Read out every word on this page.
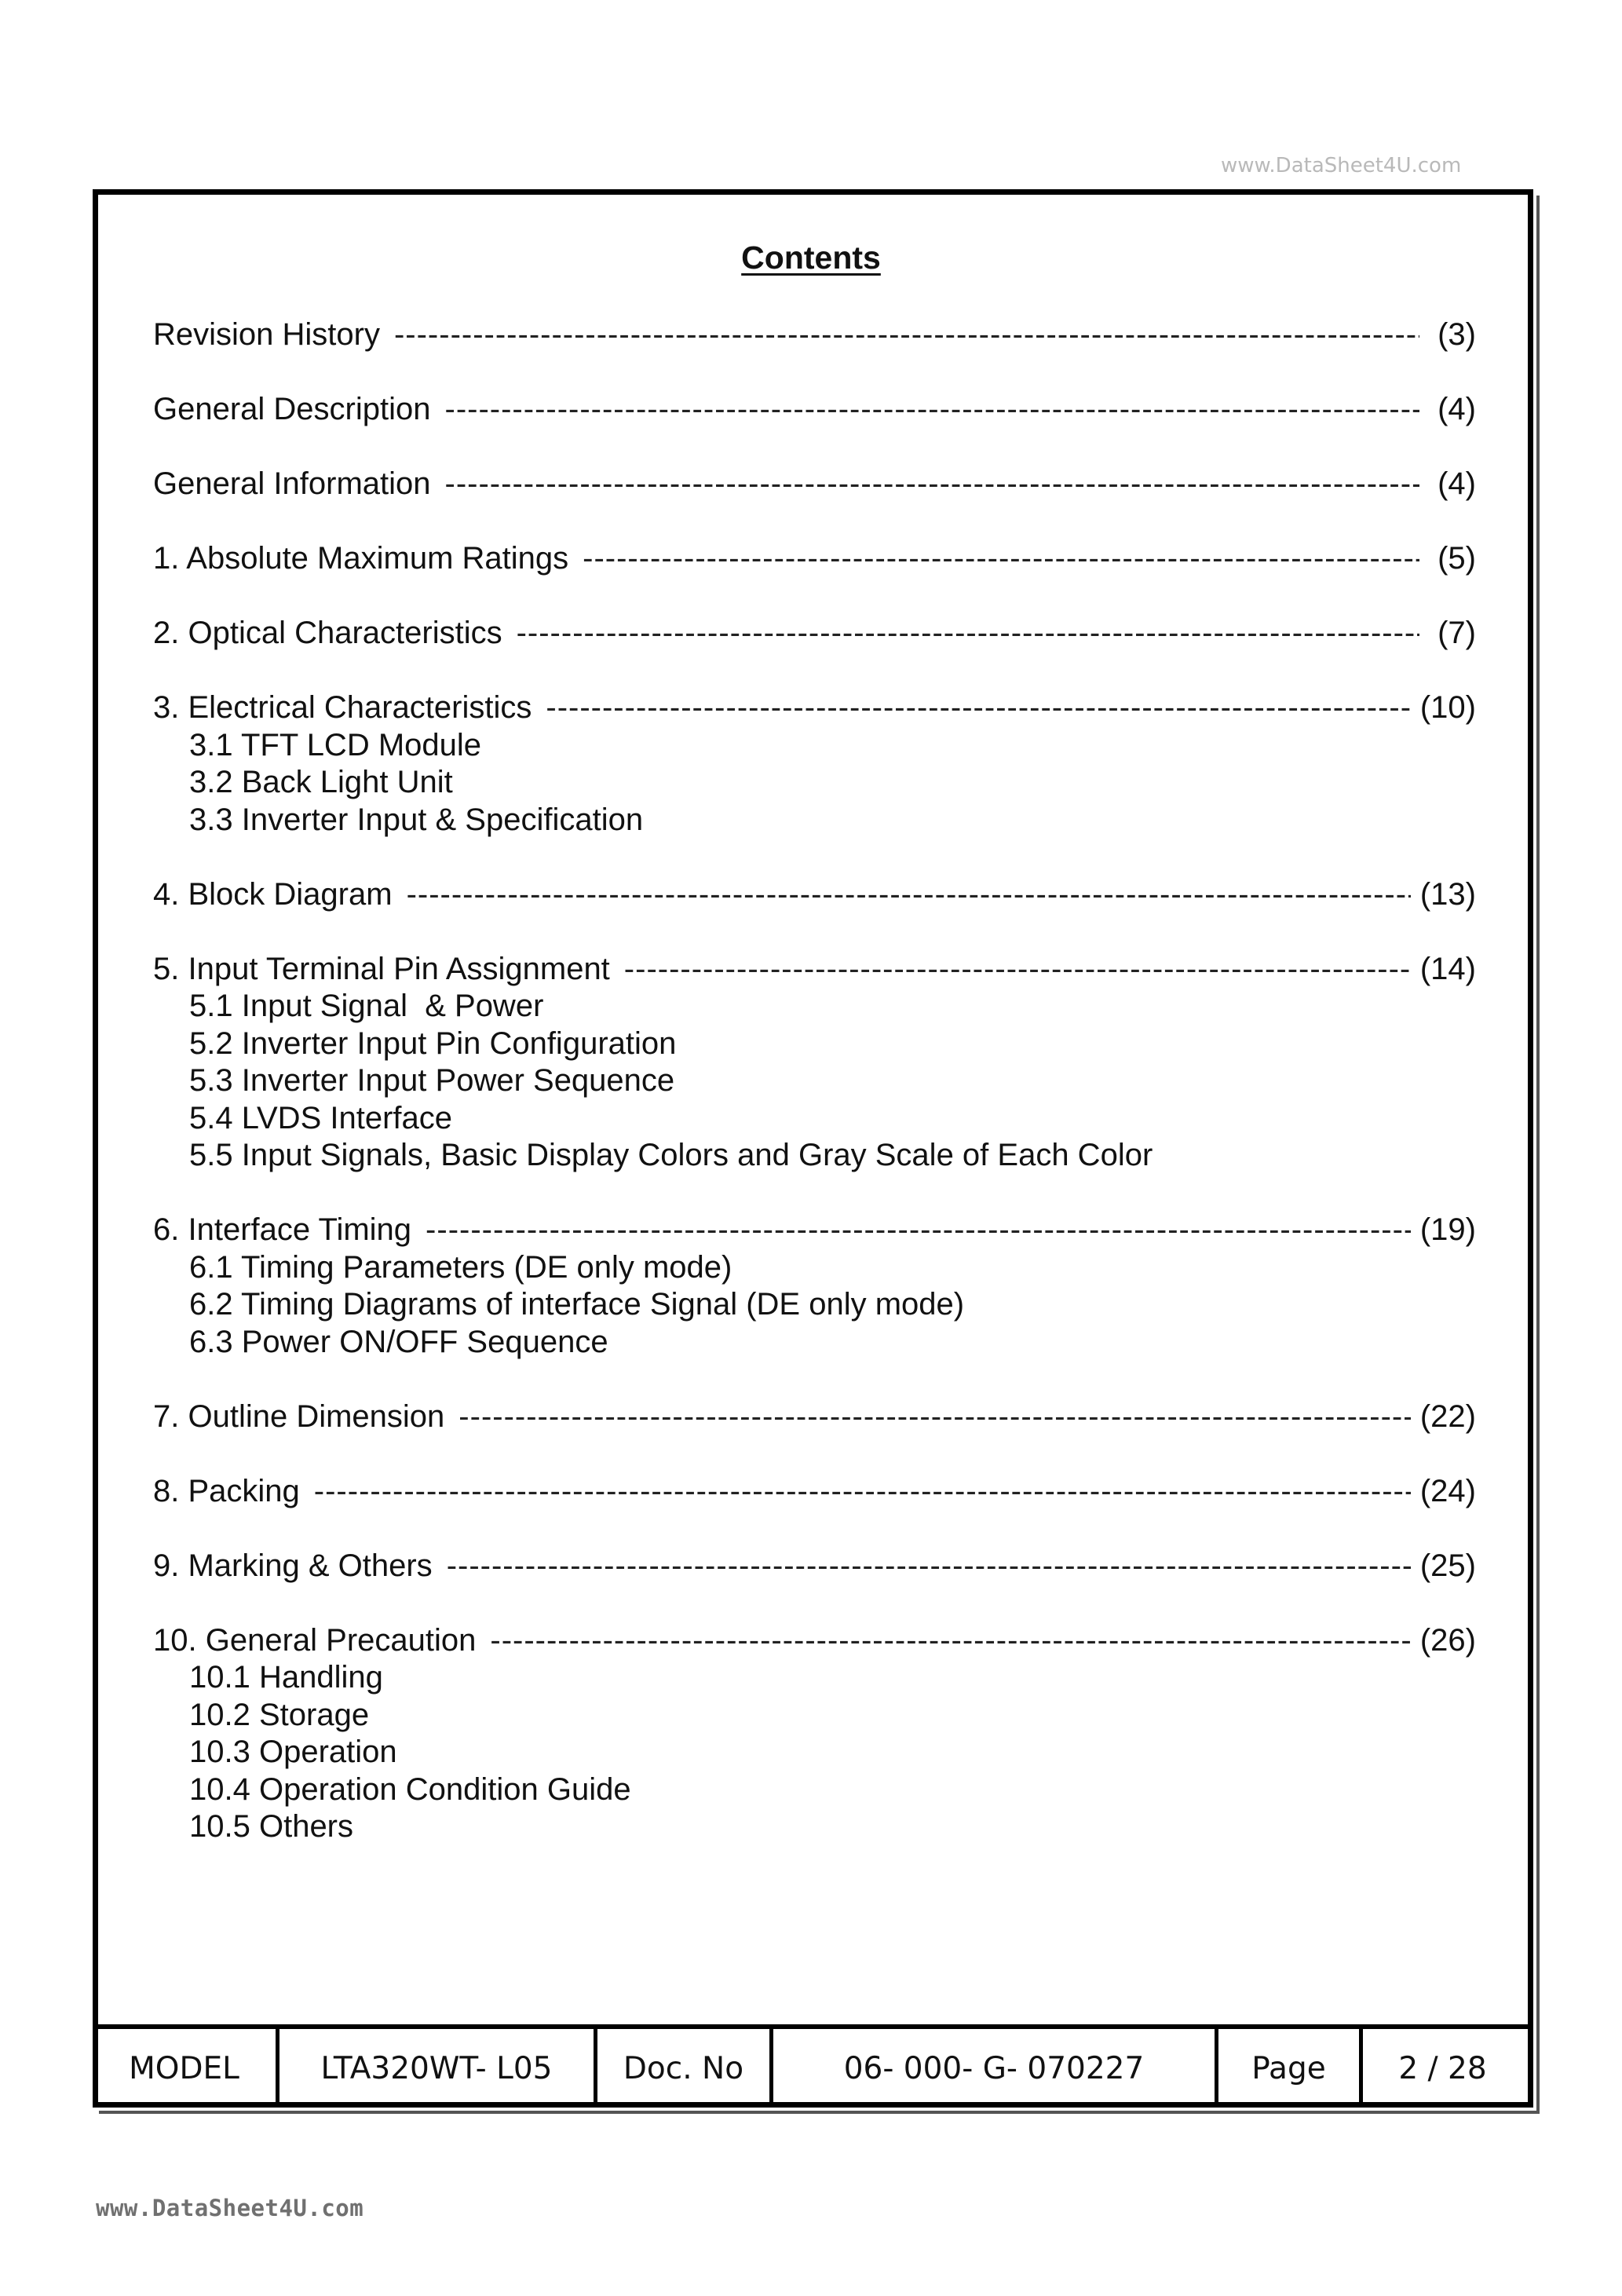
www.DataSheet4U.com
Contents
Revision History -----	(3)
General Description -----	(4)
General Information -----	(4)
1. Absolute Maximum Ratings -----	(5)
2. Optical Characteristics -----	(7)
3. Electrical Characteristics -----	(10)
3.1 TFT LCD Module
3.2 Back Light Unit
3.3 Inverter Input & Specification
4. Block Diagram -----	(13)
5. Input Terminal Pin Assignment -----	(14)
5.1 Input Signal  & Power
5.2 Inverter Input Pin Configuration
5.3 Inverter Input Power Sequence
5.4 LVDS Interface
5.5 Input Signals, Basic Display Colors and Gray Scale of Each Color
6. Interface Timing -----	(19)
6.1 Timing Parameters (DE only mode)
6.2 Timing Diagrams of interface Signal (DE only mode)
6.3 Power ON/OFF Sequence
7. Outline Dimension -----	(22)
8. Packing -----	(24)
9. Marking & Others -----	(25)
10. General Precaution -----	(26)
10.1 Handling
10.2 Storage
10.3 Operation
10.4 Operation Condition Guide
10.5 Others
MODEL	LTA320WT- L05	Doc. No	06- 000- G- 070227	Page	2 / 28
www.DataSheet4U.com
